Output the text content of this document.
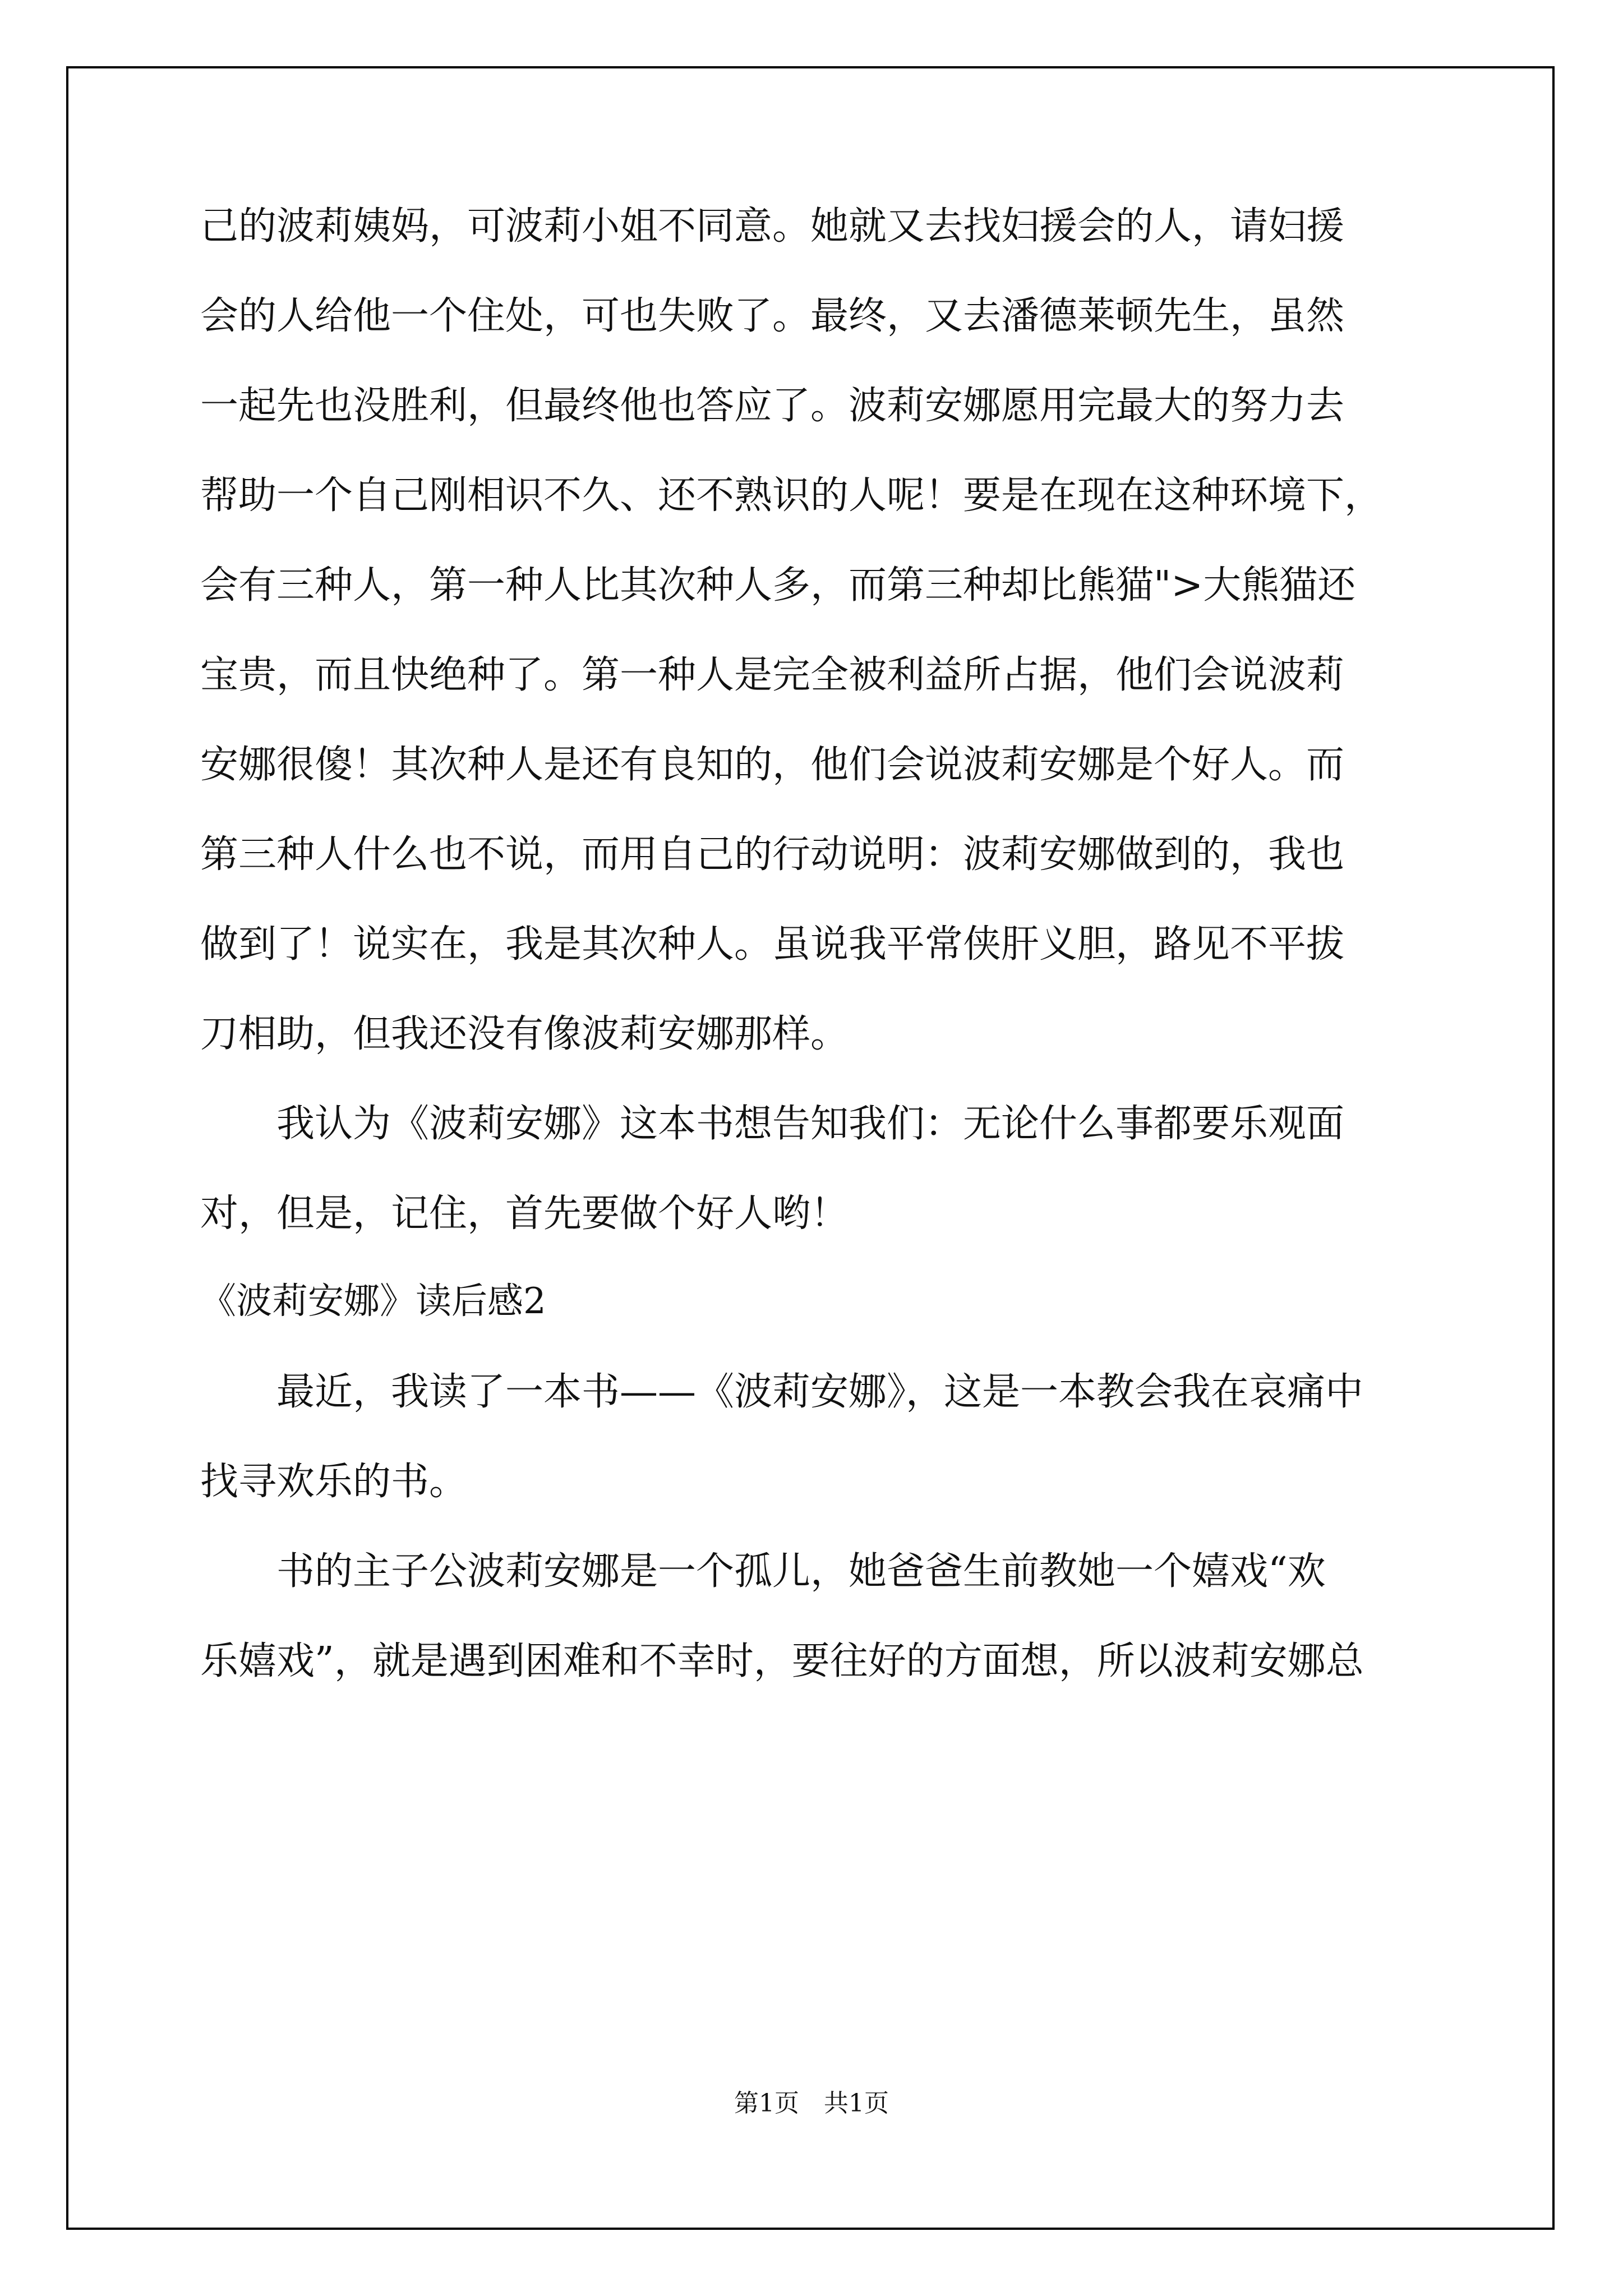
己的波莉姨妈，可波莉小姐不同意。她就又去找妇援会的人，请妇援
会的人给他一个住处，可也失败了。最终，又去潘德莱顿先生，虽然
一起先也没胜利，但最终他也答应了。波莉安娜愿用完最大的努力去
帮助一个自己刚相识不久、还不熟识的人呢！要是在现在这种环境下，
会有三种人，第一种人比其次种人多，而第三种却比熊猫">大熊猫还
宝贵，而且快绝种了。第一种人是完全被利益所占据，他们会说波莉
安娜很傻！其次种人是还有良知的，他们会说波莉安娜是个好人。而
第三种人什么也不说，而用自己的行动说明：波莉安娜做到的，我也
做到了！说实在，我是其次种人。虽说我平常侠肝义胆，路见不平拔
刀相助，但我还没有像波莉安娜那样。
　　我认为《波莉安娜》这本书想告知我们：无论什么事都要乐观面
对，但是，记住，首先要做个好人哟！
《波莉安娜》读后感2
　　最近，我读了一本书——《波莉安娜》，这是一本教会我在哀痛中
找寻欢乐的书。
　　书的主子公波莉安娜是一个孤儿，她爸爸生前教她一个嬉戏“欢
乐嬉戏”，就是遇到困难和不幸时，要往好的方面想，所以波莉安娜总
第1页　共1页
